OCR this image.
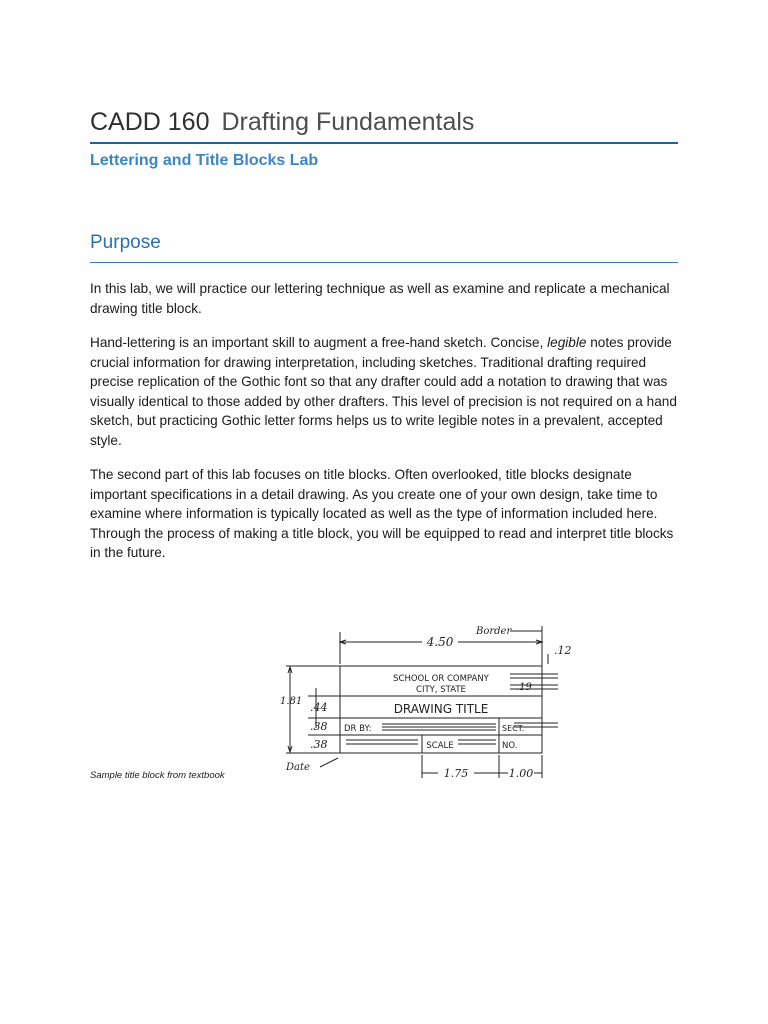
CADD 160 Drafting Fundamentals
Lettering and Title Blocks Lab
Purpose

In this lab, we will practice our lettering technique as well as examine and replicate a mechanical drawing title block.

Hand-lettering is an important skill to augment a free-hand sketch. Concise, legible notes provide crucial information for drawing interpretation, including sketches. Traditional drafting required precise replication of the Gothic font so that any drafter could add a notation to drawing that was visually identical to those added by other drafters. This level of precision is not required on a hand sketch, but practicing Gothic letter forms helps us to write legible notes in a prevalent, accepted style.

The second part of this lab focuses on title blocks. Often overlooked, title blocks designate important specifications in a detail drawing. As you create one of your own design, take time to examine where information is typically located as well as the type of information included here. Through the process of making a title block, you will be equipped to read and interpret title blocks in the future.

SCHOOL OR COMPANY
CITY, STATE
DRAWING TITLE
DR BY:	SECT.
SCALE	NO.
4.50
Border
.12
1.81 .44
.38
.38
.19
Date	1.75	1.00

Sample title block from textbook
